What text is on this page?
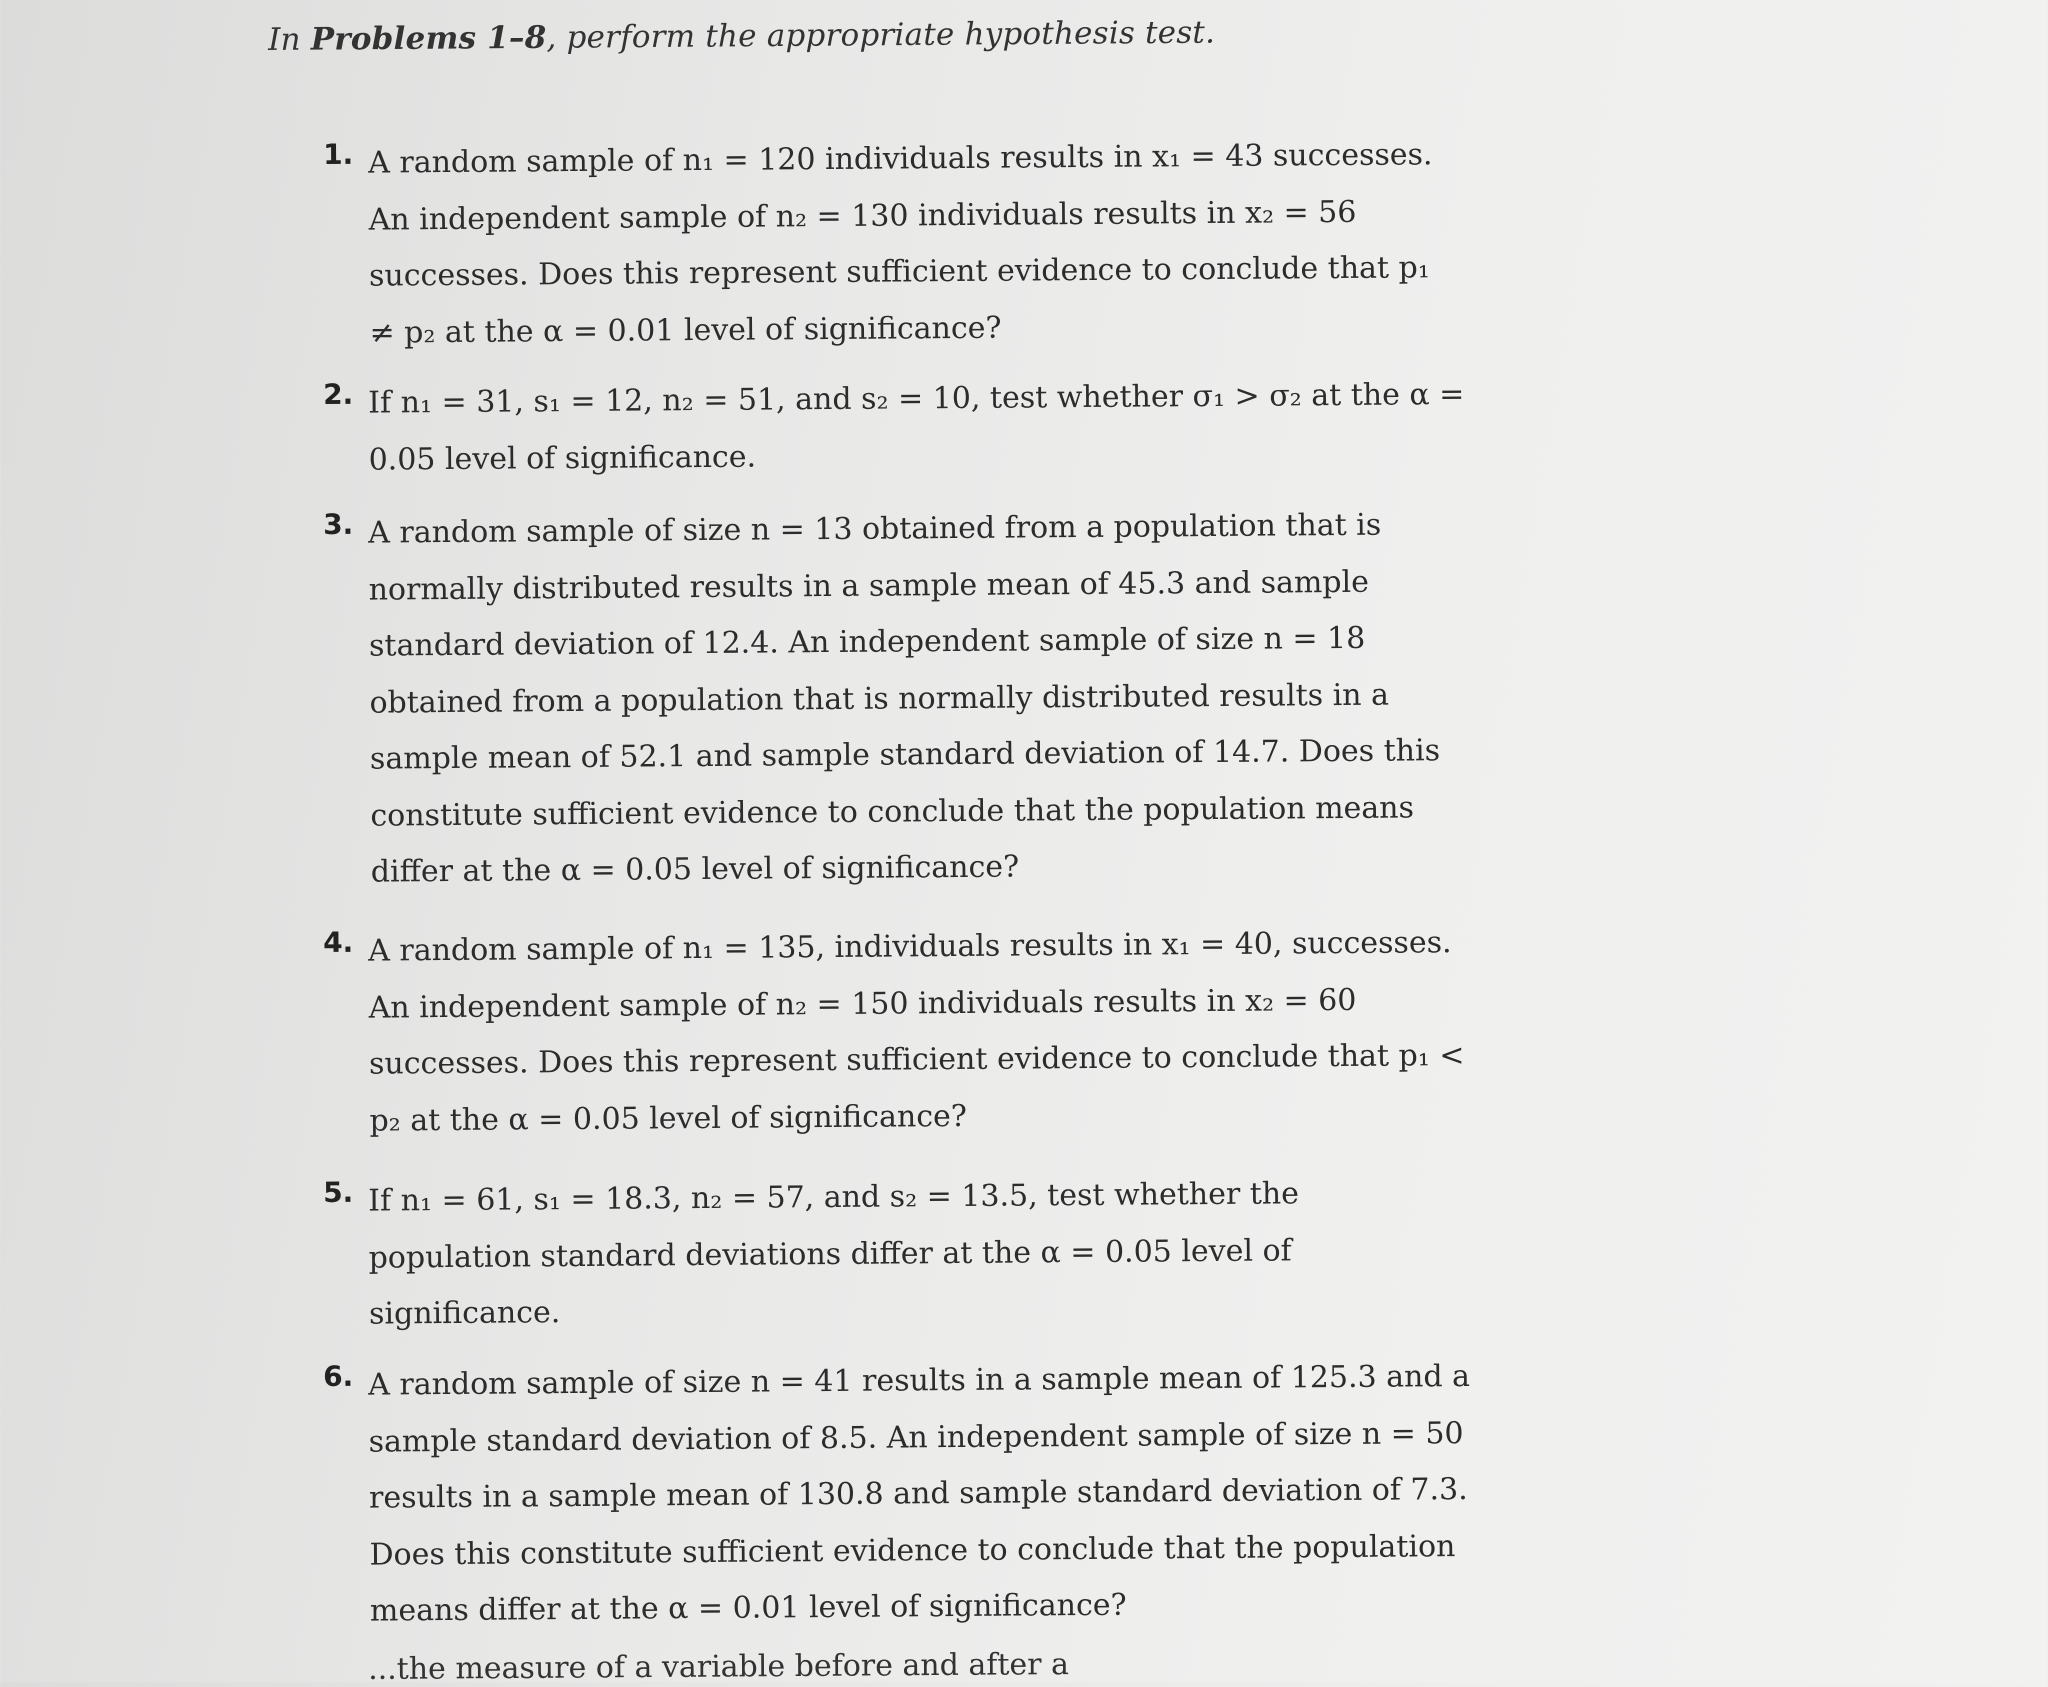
In Problems 1–8, perform the appropriate hypothesis test.
1. A random sample of n₁ = 120 individuals results in x₁ = 43 successes. An independent sample of n₂ = 130 individuals results in x₂ = 56 successes. Does this represent sufficient evidence to conclude that p₁ ≠ p₂ at the α = 0.01 level of significance?
2. If n₁ = 31, s₁ = 12, n₂ = 51, and s₂ = 10, test whether σ₁ > σ₂ at the α = 0.05 level of significance.
3. A random sample of size n = 13 obtained from a population that is normally distributed results in a sample mean of 45.3 and sample standard deviation of 12.4. An independent sample of size n = 18 obtained from a population that is normally distributed results in a sample mean of 52.1 and sample standard deviation of 14.7. Does this constitute sufficient evidence to conclude that the population means differ at the α = 0.05 level of significance?
4. A random sample of n₁ = 135, individuals results in x₁ = 40, successes. An independent sample of n₂ = 150 individuals results in x₂ = 60 successes. Does this represent sufficient evidence to conclude that p₁ < p₂ at the α = 0.05 level of significance?
5. If n₁ = 61, s₁ = 18.3, n₂ = 57, and s₂ = 13.5, test whether the population standard deviations differ at the α = 0.05 level of significance.
6. A random sample of size n = 41 results in a sample mean of 125.3 and a sample standard deviation of 8.5. An independent sample of size n = 50 results in a sample mean of 130.8 and sample standard deviation of 7.3. Does this constitute sufficient evidence to conclude that the population means differ at the α = 0.01 level of significance?
...the measure of a variable before and after a
